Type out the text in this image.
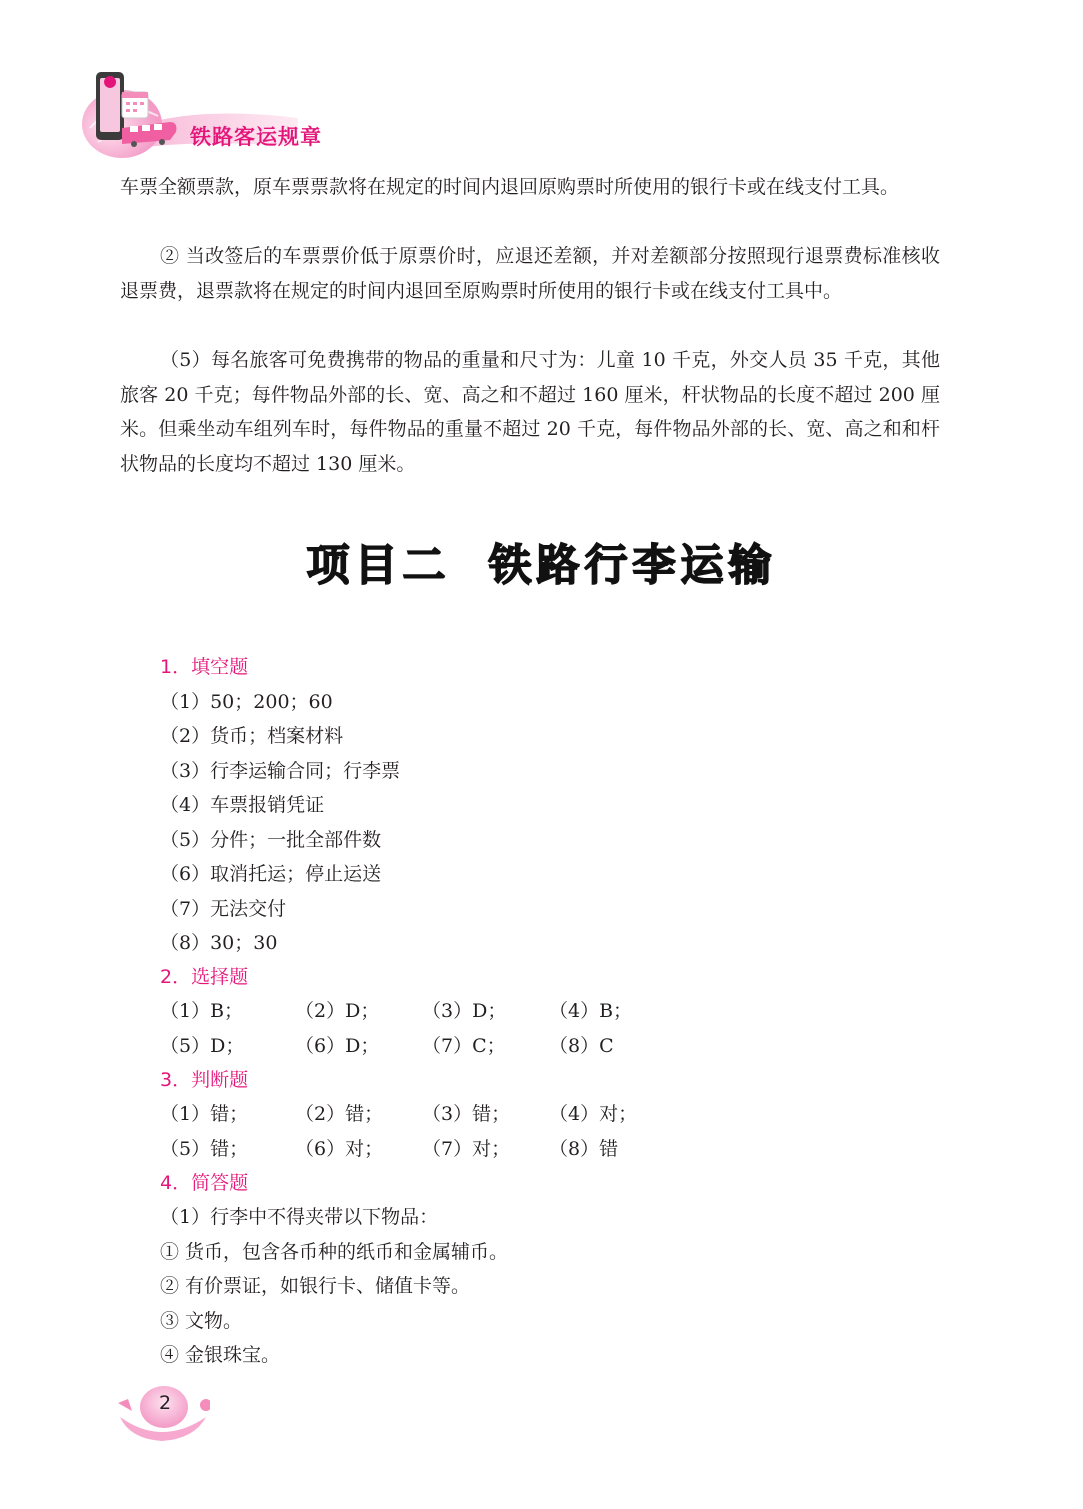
铁路客运规章

车票全额票款，原车票票款将在规定的时间内退回原购票时所使用的银行卡或在线支付工具。

② 当改签后的车票票价低于原票价时，应退还差额，并对差额部分按照现行退票费标准核收退票费，退票款将在规定的时间内退回至原购票时所使用的银行卡或在线支付工具中。

（5）每名旅客可免费携带的物品的重量和尺寸为：儿童 10 千克，外交人员 35 千克，其他旅客 20 千克；每件物品外部的长、宽、高之和不超过 160 厘米，杆状物品的长度不超过 200 厘米。但乘坐动车组列车时，每件物品的重量不超过 20 千克，每件物品外部的长、宽、高之和和杆状物品的长度均不超过 130 厘米。

项目二 铁路行李运输
1．填空题
（1）50；200；60
（2）货币；档案材料
（3）行李运输合同；行李票
（4）车票报销凭证
（5）分件；一批全部件数
（6）取消托运；停止运送
（7）无法交付
（8）30；30
2．选择题
（1）B；	（2）D； （3）D； （4）B；
（5）D；	（6）D； （7）C； （8）C
3．判断题
（1）错； （2）错； （3）错； （4）对；
（5）错； （6）对； （7）对； （8）错
4．简答题
（1）行李中不得夹带以下物品：
① 货币，包含各币种的纸币和金属辅币。
② 有价票证，如银行卡、储值卡等。
③ 文物。
④ 金银珠宝。
2
